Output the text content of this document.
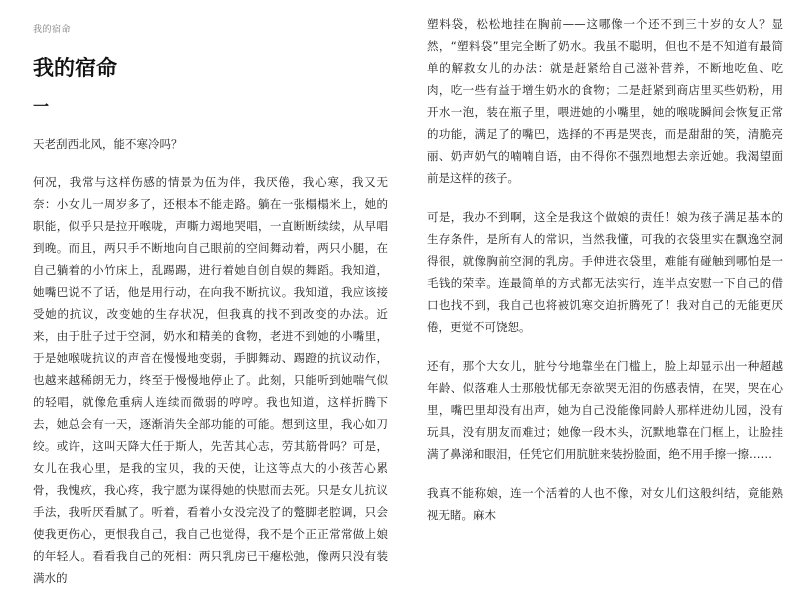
我的宿命
我的宿命
一

天老刮西北风，能不寒冷吗？

何况，我常与这样伤感的情景为伍为伴，我厌倦，我心寒，我又无奈：小女儿一周岁多了，还根本不能走路。躺在一张榻榻米上，她的职能，似乎只是拉开喉咙，声嘶力竭地哭唱，一直断断续续，从早唱到晚。而且，两只手不断地向自己眼前的空间舞动着，两只小腿，在自己躺着的小竹床上，乱踢踢，进行着她自创自娱的舞蹈。我知道，她嘴巴说不了话，他是用行动，在向我不断抗议。我知道，我应该接受她的抗议，改变她的生存状况，但我真的找不到改变的办法。近来，由于肚子过于空洞，奶水和精美的食物，老进不到她的小嘴里，于是她喉咙抗议的声音在慢慢地变弱，手脚舞动、踢蹬的抗议动作，也越来越稀朗无力，终至于慢慢地停止了。此刻，只能听到她喘气似的轻唱，就像危重病人连续而微弱的哼哼。我也知道，这样折腾下去，她总会有一天，逐渐消失全部功能的可能。想到这里，我心如刀绞。或许，这叫天降大任于斯人，先苦其心志，劳其筋骨吗？可是，女儿在我心里，是我的宝贝，我的天使，让这等点大的小孩苦心累骨，我愧疚，我心疼，我宁愿为谋得她的快慰而去死。只是女儿抗议手法，我听厌看腻了。听着，看着小女没完没了的蹩脚老腔调，只会使我更伤心，更恨我自己，我自己也觉得，我不是个正正常常做上娘的年轻人。看看我自己的死相：两只乳房已干瘪松弛，像两只没有装满水的

塑料袋，松松地挂在胸前——这哪像一个还不到三十岁的女人？显然，“塑料袋”里完全断了奶水。我虽不聪明，但也不是不知道有最简单的解救女儿的办法：就是赶紧给自己滋补营养，不断地吃鱼、吃肉，吃一些有益于增生奶水的食物；二是赶紧到商店里买些奶粉，用开水一泡，装在瓶子里，喂进她的小嘴里，她的喉咙瞬间会恢复正常的功能，满足了的嘴巴，选择的不再是哭丧，而是甜甜的笑，清脆亮丽、奶声奶气的喃喃自语，由不得你不强烈地想去亲近她。我渴望面前是这样的孩子。

可是，我办不到啊，这全是我这个做娘的责任！娘为孩子满足基本的生存条件，是所有人的常识，当然我懂，可我的衣袋里实在飘逸空洞得很，就像胸前空洞的乳房。手伸进衣袋里，难能有碰触到哪怕是一毛钱的荣幸。连最简单的方式都无法实行，连半点安慰一下自己的借口也找不到，我自己也将被饥寒交迫折腾死了！我对自己的无能更厌倦，更觉不可饶恕。

还有，那个大女儿，脏兮兮地靠坐在门槛上，脸上却显示出一种超越年龄、似落难人士那般忧郁无奈欲哭无泪的伤感表情，在哭，哭在心里，嘴巴里却没有出声，她为自己没能像同龄人那样进幼儿园，没有玩具，没有朋友而难过；她像一段木头，沉默地靠在门框上，让脸挂满了鼻涕和眼泪，任凭它们用肮脏来装扮脸面，绝不用手擦一擦……

我真不能称娘，连一个活着的人也不像，对女儿们这般纠结，竟能熟视无睹。麻木
